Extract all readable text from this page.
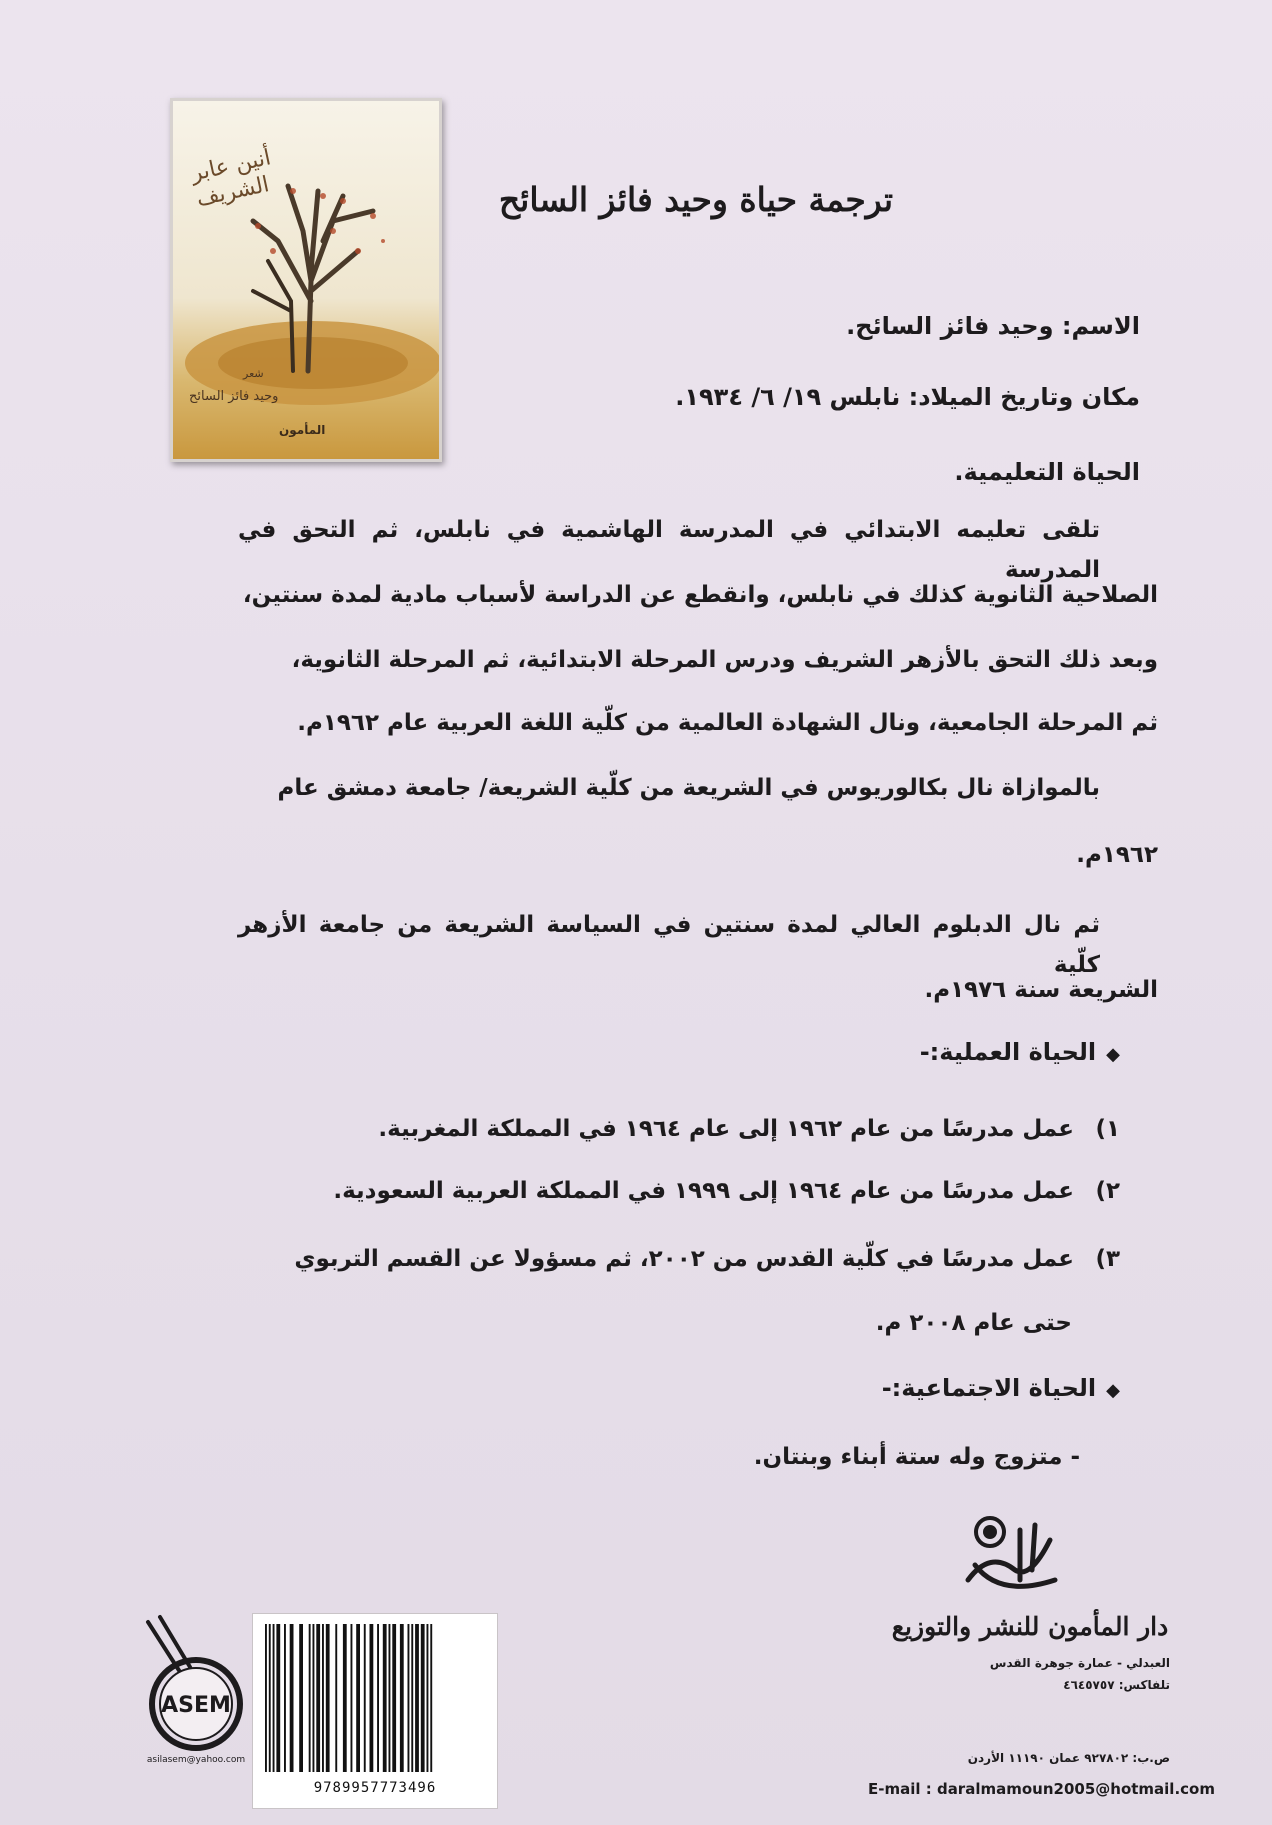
أنين عابر الشريف
شعر
وحيد فائز السائح
المأمون
ترجمة حياة وحيد فائز السائح
الاسم: وحيد فائز السائح.
مكان وتاريخ الميلاد: نابلس ١٩/ ٦/ ١٩٣٤.
الحياة التعليمية.
تلقى تعليمه الابتدائي في المدرسة الهاشمية في نابلس، ثم التحق في المدرسة
الصلاحية الثانوية كذلك في نابلس، وانقطع عن الدراسة لأسباب مادية لمدة سنتين،
وبعد ذلك التحق بالأزهر الشريف ودرس المرحلة الابتدائية، ثم المرحلة الثانوية،
ثم المرحلة الجامعية، ونال الشهادة العالمية من كلّية اللغة العربية عام ١٩٦٢م.
بالموازاة نال بكالوريوس في الشريعة من كلّية الشريعة/ جامعة دمشق عام
١٩٦٢م.
ثم نال الدبلوم العالي لمدة سنتين في السياسة الشريعة من جامعة الأزهر كلّية
الشريعة سنة ١٩٧٦م.
◆الحياة العملية:-
١)عمل مدرسًا من عام ١٩٦٢ إلى عام ١٩٦٤ في المملكة المغربية.
٢)عمل مدرسًا من عام ١٩٦٤ إلى ١٩٩٩ في المملكة العربية السعودية.
٣)عمل مدرسًا في كلّية القدس من ٢٠٠٢، ثم مسؤولا عن القسم التربوي
حتى عام ٢٠٠٨ م.
◆الحياة الاجتماعية:-
- متزوج وله ستة أبناء وبنتان.
دار المأمون للنشر والتوزيع
العبدلي - عمارة جوهرة القدس
تلفاكس: ٤٦٤٥٧٥٧
ص.ب: ٩٢٧٨٠٢ عمان ١١١٩٠ الأردن
E-mail : daralmamoun2005@hotmail.com
9789957773496
ASEM
asilasem@yahoo.com
